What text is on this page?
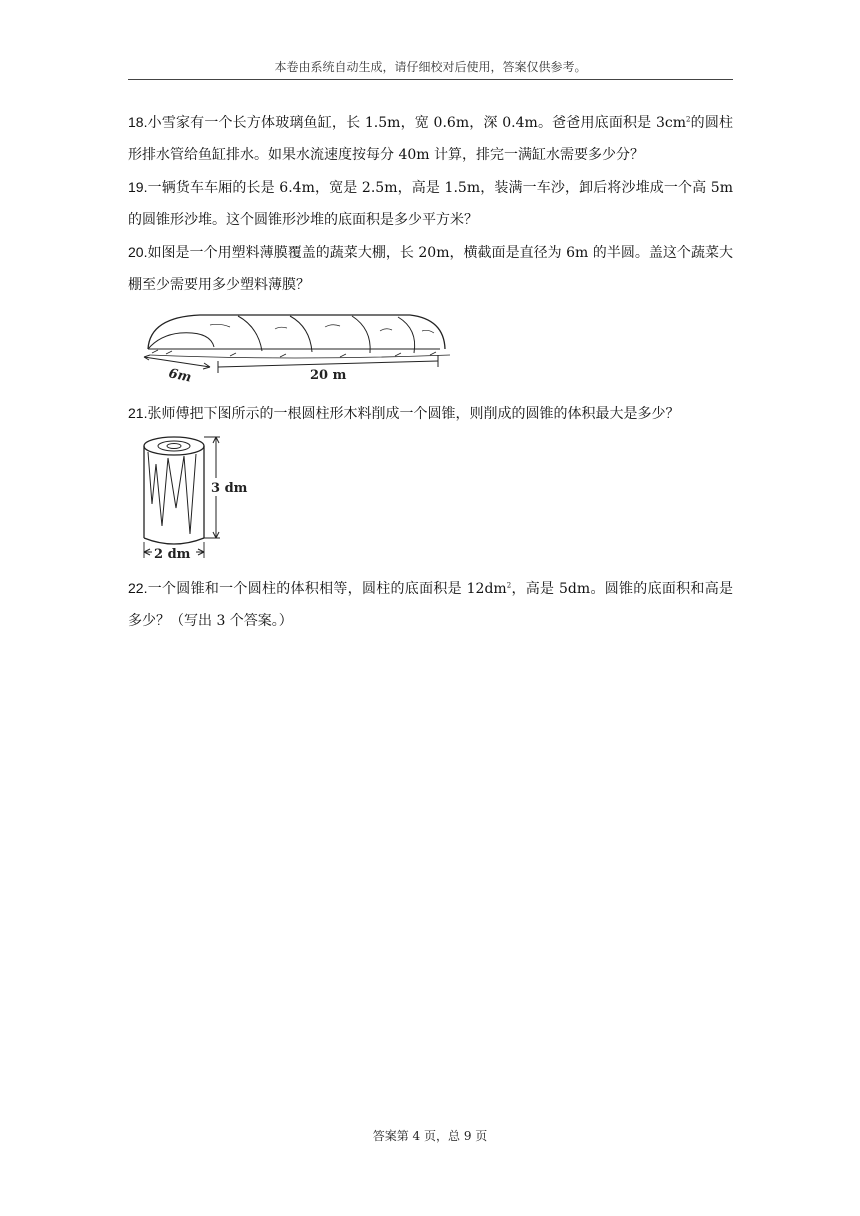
本卷由系统自动生成，请仔细校对后使用，答案仅供参考。

18.小雪家有一个长方体玻璃鱼缸，长 1.5m，宽 0.6m，深 0.4m。爸爸用底面积是 $3cm^2$的圆柱形排水管给鱼缸排水。如果水流速度按每分 40m 计算，排完一满缸水需要多少分？

19.一辆货车车厢的长是 6.4m，宽是 2.5m，高是 1.5m，装满一车沙，卸后将沙堆成一个高 5m 的圆锥形沙堆。这个圆锥形沙堆的底面积是多少平方米？

20.如图是一个用塑料薄膜覆盖的蔬菜大棚，长 20m，横截面是直径为 6m 的半圆。盖这个蔬菜大棚至少需要用多少塑料薄膜？

6m	20 m

21.张师傅把下图所示的一根圆柱形木料削成一个圆锥，则削成的圆锥的体积最大是多少？

3 dm
2 dm

22.一个圆锥和一个圆柱的体积相等，圆柱的底面积是 $12dm^2$，高是 5dm。圆锥的底面积和高是多少？（写出 3 个答案。）

答案第 4 页，总 9 页
